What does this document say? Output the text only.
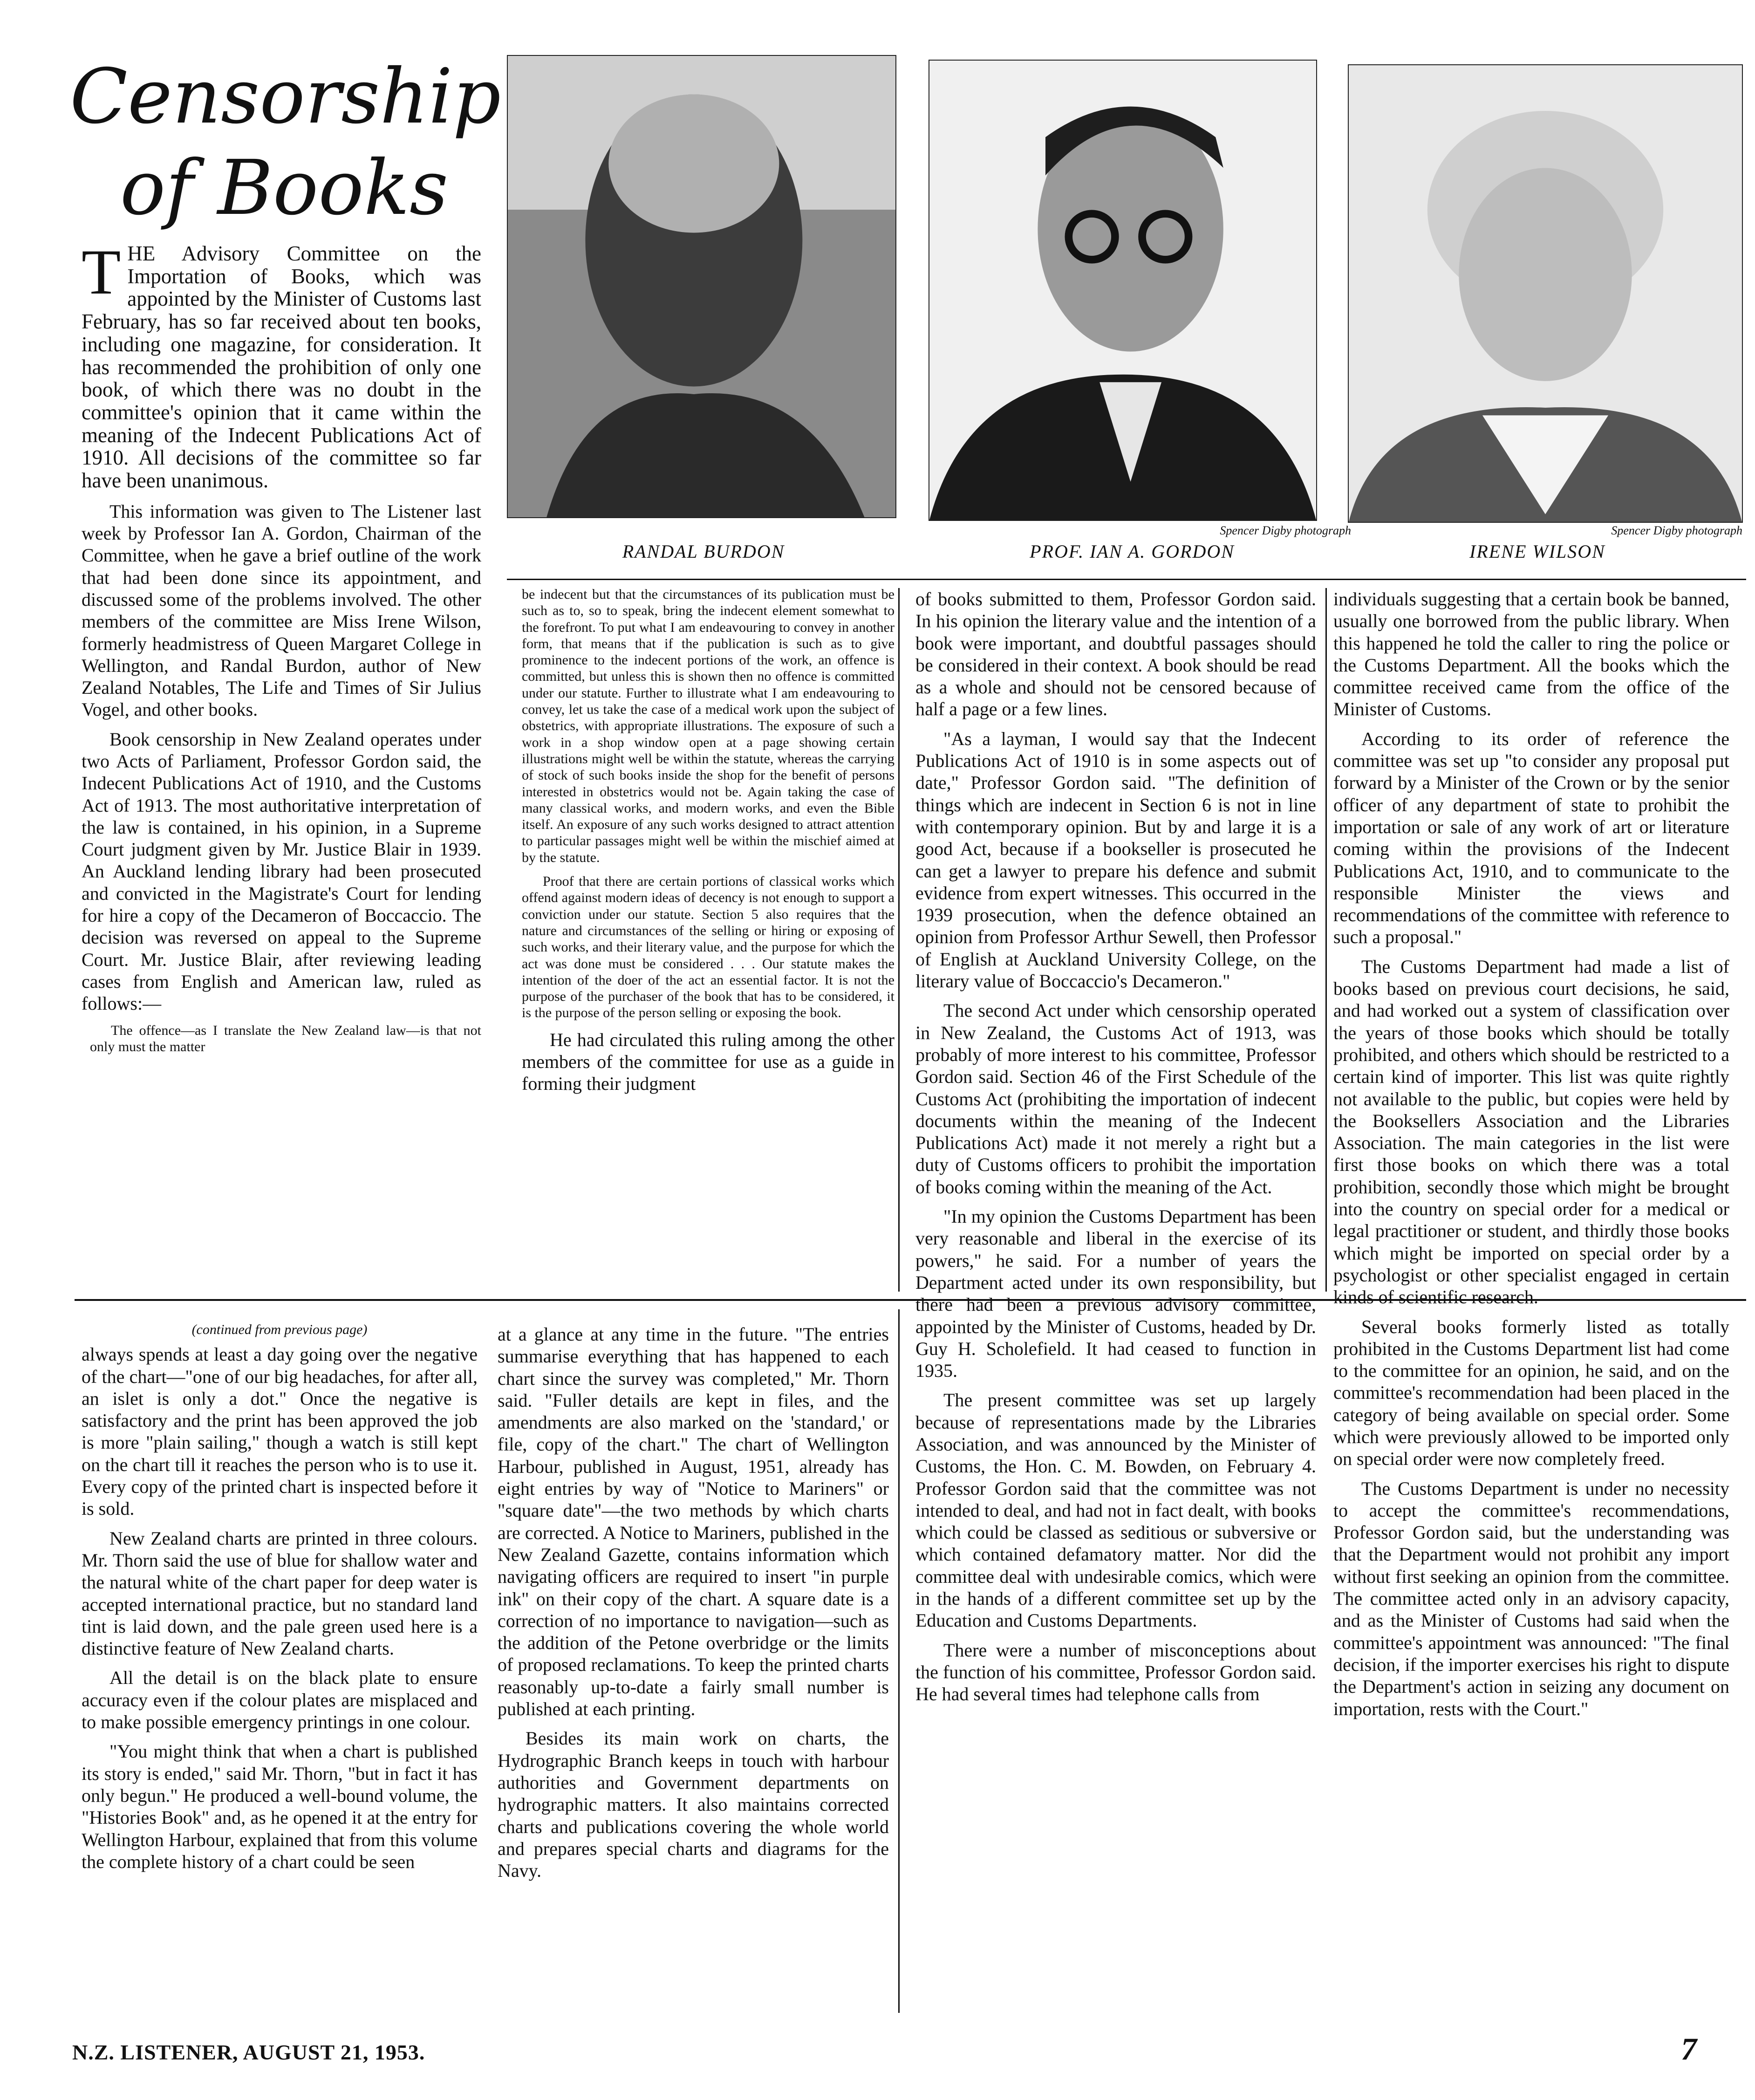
Censorship of Books
Spencer Digby photograph	Spencer Digby photograph
RANDAL BURDON	PROF. IAN A. GORDON	IRENE WILSON
THE Advisory Committee on the Importation of Books, which was appointed by the Minister of Customs last February, has so far received about ten books, including one magazine, for consideration. It has recommended the prohibition of only one book, of which there was no doubt in the committee's opinion that it came within the meaning of the Indecent Publications Act of 1910. All decisions of the committee so far have been unanimous.

This information was given to The Listener last week by Professor Ian A. Gordon, Chairman of the Committee, when he gave a brief outline of the work that had been done since its appointment, and discussed some of the problems involved. The other members of the committee are Miss Irene Wilson, formerly headmistress of Queen Margaret College in Wellington, and Randal Burdon, author of New Zealand Notables, The Life and Times of Sir Julius Vogel, and other books.

Book censorship in New Zealand operates under two Acts of Parliament, Professor Gordon said, the Indecent Publications Act of 1910, and the Customs Act of 1913. The most authoritative interpretation of the law is contained, in his opinion, in a Supreme Court judgment given by Mr. Justice Blair in 1939. An Auckland lending library had been prosecuted and convicted in the Magistrate's Court for lending for hire a copy of the Decameron of Boccaccio. The decision was reversed on appeal to the Supreme Court. Mr. Justice Blair, after reviewing leading cases from English and American law, ruled as follows:—

The offence—as I translate the New Zealand law—is that not only must the matter

be indecent but that the circumstances of its publication must be such as to, so to speak, bring the indecent element somewhat to the forefront. To put what I am endeavouring to convey in another form, that means that if the publication is such as to give prominence to the indecent portions of the work, an offence is committed, but unless this is shown then no offence is committed under our statute. Further to illustrate what I am endeavouring to convey, let us take the case of a medical work upon the subject of obstetrics, with appropriate illustrations. The exposure of such a work in a shop window open at a page showing certain illustrations might well be within the statute, whereas the carrying of stock of such books inside the shop for the benefit of persons interested in obstetrics would not be. Again taking the case of many classical works, and modern works, and even the Bible itself. An exposure of any such works designed to attract attention to particular passages might well be within the mischief aimed at by the statute.

Proof that there are certain portions of classical works which offend against modern ideas of decency is not enough to support a conviction under our statute. Section 5 also requires that the nature and circumstances of the selling or hiring or exposing of such works, and their literary value, and the purpose for which the act was done must be considered . . . Our statute makes the intention of the doer of the act an essential factor. It is not the purpose of the purchaser of the book that has to be considered, it is the purpose of the person selling or exposing the book.

He had circulated this ruling among the other members of the committee for use as a guide in forming their judgment

of books submitted to them, Professor Gordon said. In his opinion the literary value and the intention of a book were important, and doubtful passages should be considered in their context. A book should be read as a whole and should not be censored because of half a page or a few lines.

"As a layman, I would say that the Indecent Publications Act of 1910 is in some aspects out of date," Professor Gordon said. "The definition of things which are indecent in Section 6 is not in line with contemporary opinion. But by and large it is a good Act, because if a bookseller is prosecuted he can get a lawyer to prepare his defence and submit evidence from expert witnesses. This occurred in the 1939 prosecution, when the defence obtained an opinion from Professor Arthur Sewell, then Professor of English at Auckland University College, on the literary value of Boccaccio's Decameron."

The second Act under which censorship operated in New Zealand, the Customs Act of 1913, was probably of more interest to his committee, Professor Gordon said. Section 46 of the First Schedule of the Customs Act (prohibiting the importation of indecent documents within the meaning of the Indecent Publications Act) made it not merely a right but a duty of Customs officers to prohibit the importation of books coming within the meaning of the Act.

"In my opinion the Customs Department has been very reasonable and liberal in the exercise of its powers," he said. For a number of years the Department acted under its own responsibility, but there had been a previous advisory committee, appointed by the Minister of Customs, headed by Dr. Guy H. Scholefield. It had ceased to function in 1935.

The present committee was set up largely because of representations made by the Libraries Association, and was announced by the Minister of Customs, the Hon. C. M. Bowden, on February 4. Professor Gordon said that the committee was not intended to deal, and had not in fact dealt, with books which could be classed as seditious or subversive or which contained defamatory matter. Nor did the committee deal with undesirable comics, which were in the hands of a different committee set up by the Education and Customs Departments.

There were a number of misconceptions about the function of his committee, Professor Gordon said. He had several times had telephone calls from

individuals suggesting that a certain book be banned, usually one borrowed from the public library. When this happened he told the caller to ring the police or the Customs Department. All the books which the committee received came from the office of the Minister of Customs.

According to its order of reference the committee was set up "to consider any proposal put forward by a Minister of the Crown or by the senior officer of any department of state to prohibit the importation or sale of any work of art or literature coming within the provisions of the Indecent Publications Act, 1910, and to communicate to the responsible Minister the views and recommendations of the committee with reference to such a proposal."

The Customs Department had made a list of books based on previous court decisions, he said, and had worked out a system of classification over the years of those books which should be totally prohibited, and others which should be restricted to a certain kind of importer. This list was quite rightly not available to the public, but copies were held by the Booksellers Association and the Libraries Association. The main categories in the list were first those books on which there was a total prohibition, secondly those which might be brought into the country on special order for a medical or legal practitioner or student, and thirdly those books which might be imported on special order by a psychologist or other specialist engaged in certain kinds of scientific research.

Several books formerly listed as totally prohibited in the Customs Department list had come to the committee for an opinion, he said, and on the committee's recommendation had been placed in the category of being available on special order. Some which were previously allowed to be imported only on special order were now completely freed.

The Customs Department is under no necessity to accept the committee's recommendations, Professor Gordon said, but the understanding was that the Department would not prohibit any import without first seeking an opinion from the committee. The committee acted only in an advisory capacity, and as the Minister of Customs had said when the committee's appointment was announced: "The final decision, if the importer exercises his right to dispute the Department's action in seizing any document on importation, rests with the Court."

(continued from previous page)

always spends at least a day going over the negative of the chart—"one of our big headaches, for after all, an islet is only a dot." Once the negative is satisfactory and the print has been approved the job is more "plain sailing," though a watch is still kept on the chart till it reaches the person who is to use it. Every copy of the printed chart is inspected before it is sold.

New Zealand charts are printed in three colours. Mr. Thorn said the use of blue for shallow water and the natural white of the chart paper for deep water is accepted international practice, but no standard land tint is laid down, and the pale green used here is a distinctive feature of New Zealand charts.

All the detail is on the black plate to ensure accuracy even if the colour plates are misplaced and to make possible emergency printings in one colour.

"You might think that when a chart is published its story is ended," said Mr. Thorn, "but in fact it has only begun." He produced a well-bound volume, the "Histories Book" and, as he opened it at the entry for Wellington Harbour, explained that from this volume the complete history of a chart could be seen

at a glance at any time in the future. "The entries summarise everything that has happened to each chart since the survey was completed," Mr. Thorn said. "Fuller details are kept in files, and the amendments are also marked on the 'standard,' or file, copy of the chart." The chart of Wellington Harbour, published in August, 1951, already has eight entries by way of "Notice to Mariners" or "square date"—the two methods by which charts are corrected. A Notice to Mariners, published in the New Zealand Gazette, contains information which navigating officers are required to insert "in purple ink" on their copy of the chart. A square date is a correction of no importance to navigation—such as the addition of the Petone overbridge or the limits of proposed reclamations. To keep the printed charts reasonably up-to-date a fairly small number is published at each printing.

Besides its main work on charts, the Hydrographic Branch keeps in touch with harbour authorities and Government departments on hydrographic matters. It also maintains corrected charts and publications covering the whole world and prepares special charts and diagrams for the Navy.

N.Z. LISTENER, AUGUST 21, 1953.	7
